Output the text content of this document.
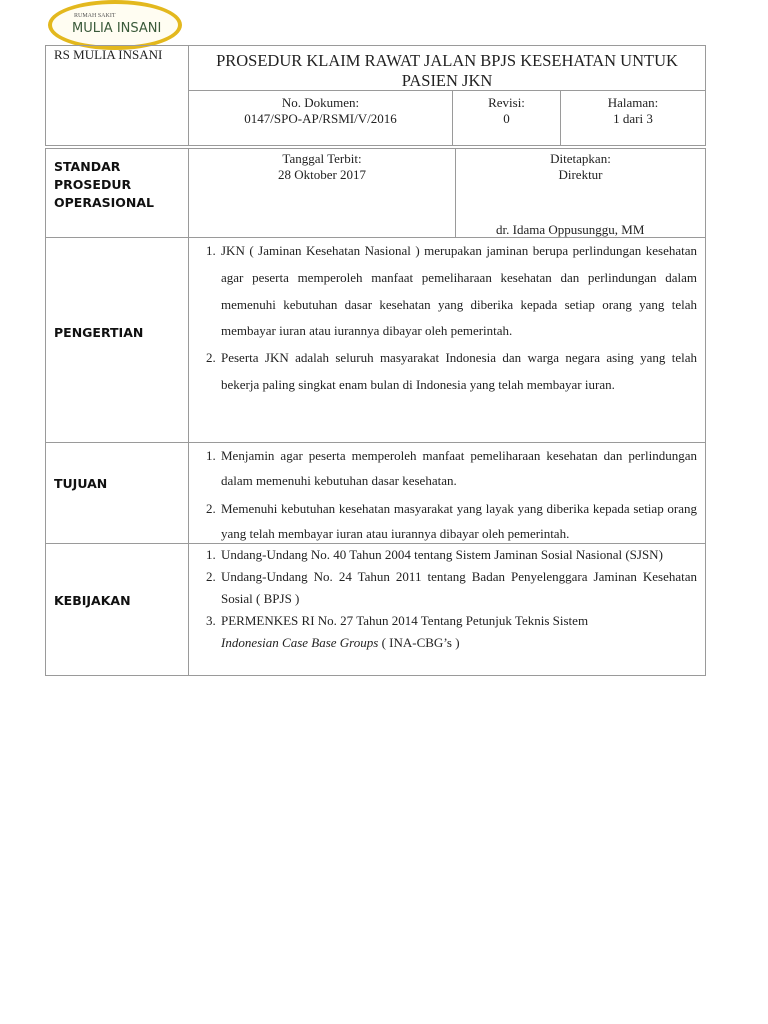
RUMAH SAKIT
MULIA INSANI
RS MULIA INSANI	PROSEDUR KLAIM RAWAT JALAN BPJS KESEHATAN UNTUK PASIEN JKN
No. Dokumen:
0147/SPO-AP/RSMI/V/2016
Revisi:
0
Halaman:
1 dari 3
STANDAR PROSEDUR OPERASIONAL
Tanggal Terbit:
28 Oktober 2017
Ditetapkan:
Direktur
dr. Idama Oppusunggu, MM
PENGERTIAN
1. JKN ( Jaminan Kesehatan Nasional ) merupakan jaminan berupa perlindungan kesehatan agar peserta memperoleh manfaat pemeliharaan kesehatan dan perlindungan dalam memenuhi kebutuhan dasar kesehatan yang diberika kepada setiap orang yang telah membayar iuran atau iurannya dibayar oleh pemerintah.
2. Peserta JKN adalah seluruh masyarakat Indonesia dan warga negara asing yang telah bekerja paling singkat enam bulan di Indonesia yang telah membayar iuran.
TUJUAN
1. Menjamin agar peserta memperoleh manfaat pemeliharaan kesehatan dan perlindungan dalam memenuhi kebutuhan dasar kesehatan.
2. Memenuhi kebutuhan kesehatan masyarakat yang layak yang diberika kepada setiap orang yang telah membayar iuran atau iurannya dibayar oleh pemerintah.
KEBIJAKAN
1. Undang-Undang No. 40 Tahun 2004 tentang Sistem Jaminan Sosial Nasional (SJSN)
2. Undang-Undang No. 24 Tahun 2011 tentang Badan Penyelenggara Jaminan Kesehatan Sosial ( BPJS )
3. PERMENKES RI No. 27 Tahun 2014 Tentang Petunjuk Teknis Sistem
Indonesian Case Base Groups ( INA-CBG’s )
